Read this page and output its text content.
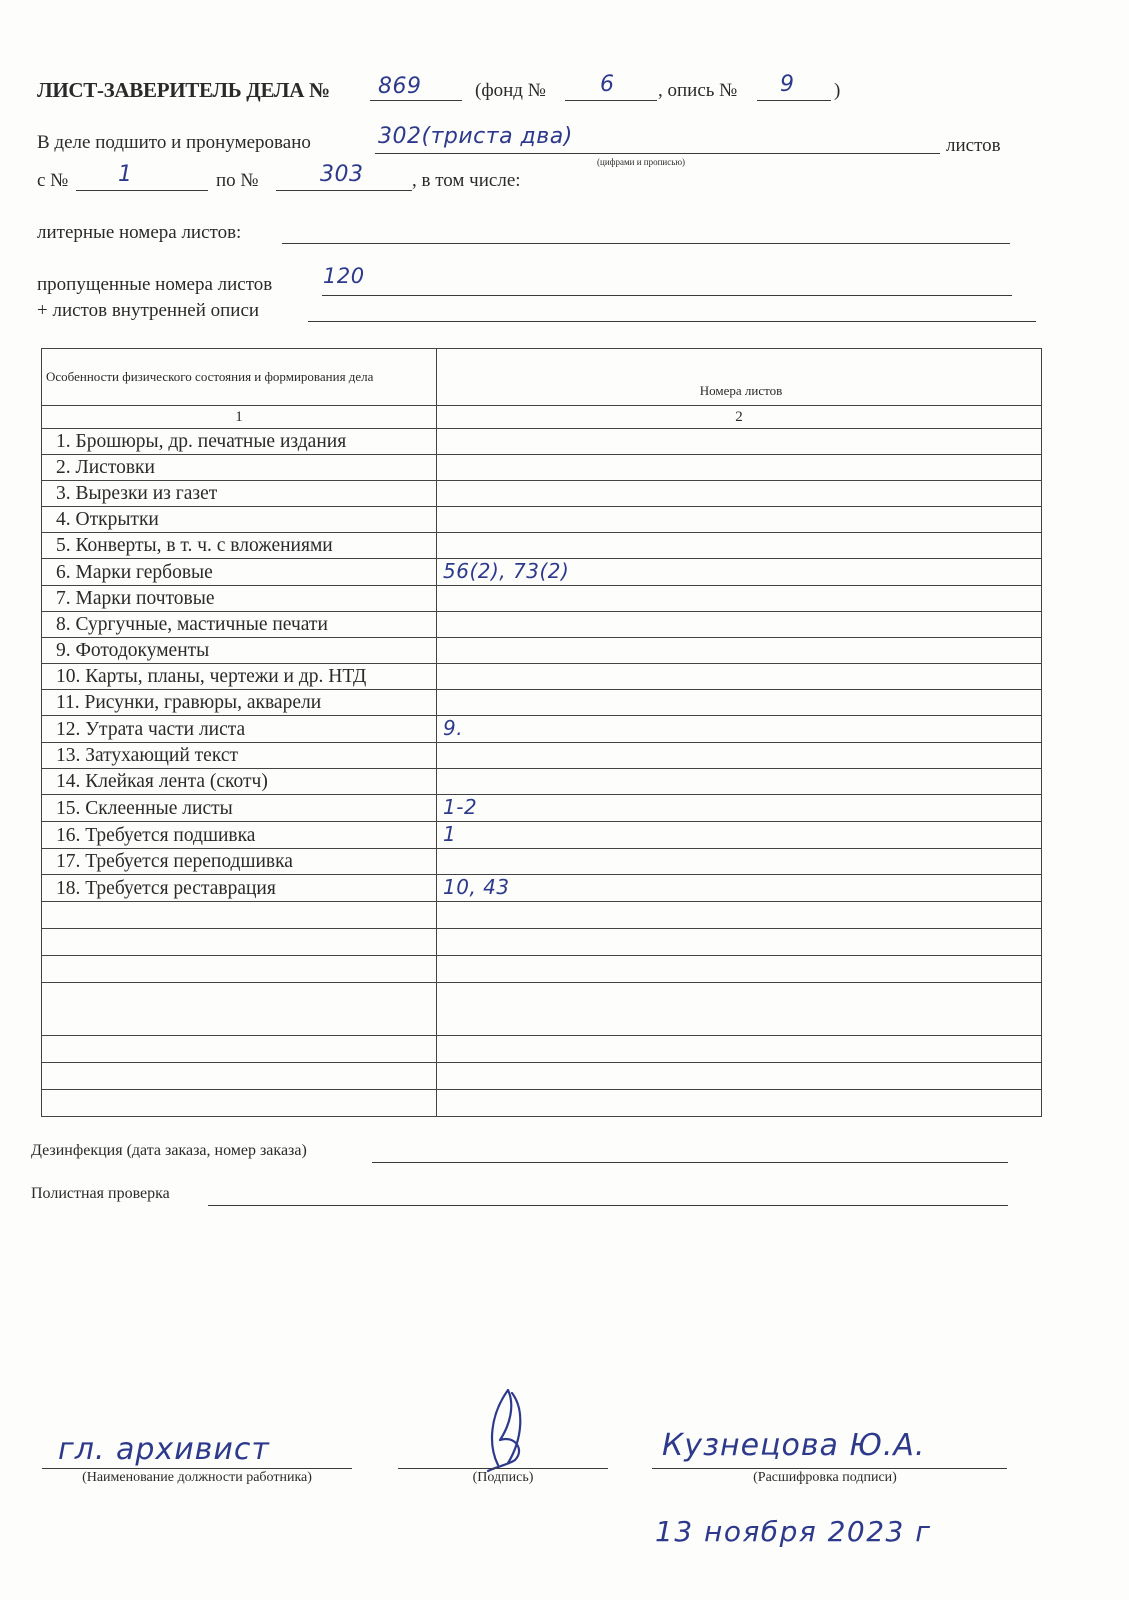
ЛИСТ-ЗАВЕРИТЕЛЬ ДЕЛА № 869	(фонд № 6 , опись № 9 )
В деле подшито и пронумеровано	302(триста два)	листов
(цифрами и прописью)
с № 1	по №	303	, в том числе:
литерные номера листов:
пропущенные номера листов 120
+ листов внутренней описи
Особенности физического состояния и формирования дела	Номера листов
1	2
1. Брошюры, др. печатные издания	
2. Листовки	
3. Вырезки из газет	
4. Открытки	
5. Конверты, в т. ч. с вложениями	
6. Марки гербовые	56(2), 73(2)
7. Марки почтовые	
8. Сургучные, мастичные печати	
9. Фотодокументы	
10. Карты, планы, чертежи и др. НТД	
11. Рисунки, гравюры, акварели	
12. Утрата части листа	9.
13. Затухающий текст	
14. Клейкая лента (скотч)	
15. Склеенные листы	1-2
16. Требуется подшивка	1
17. Требуется переподшивка	
18. Требуется реставрация	10, 43

Дезинфекция (дата заказа, номер заказа)
Полистная проверка
гл. архивист
(Наименование должности работника)	(Подпись)
Кузнецова Ю.А.
(Расшифровка подписи)
13 ноября 2023 г
